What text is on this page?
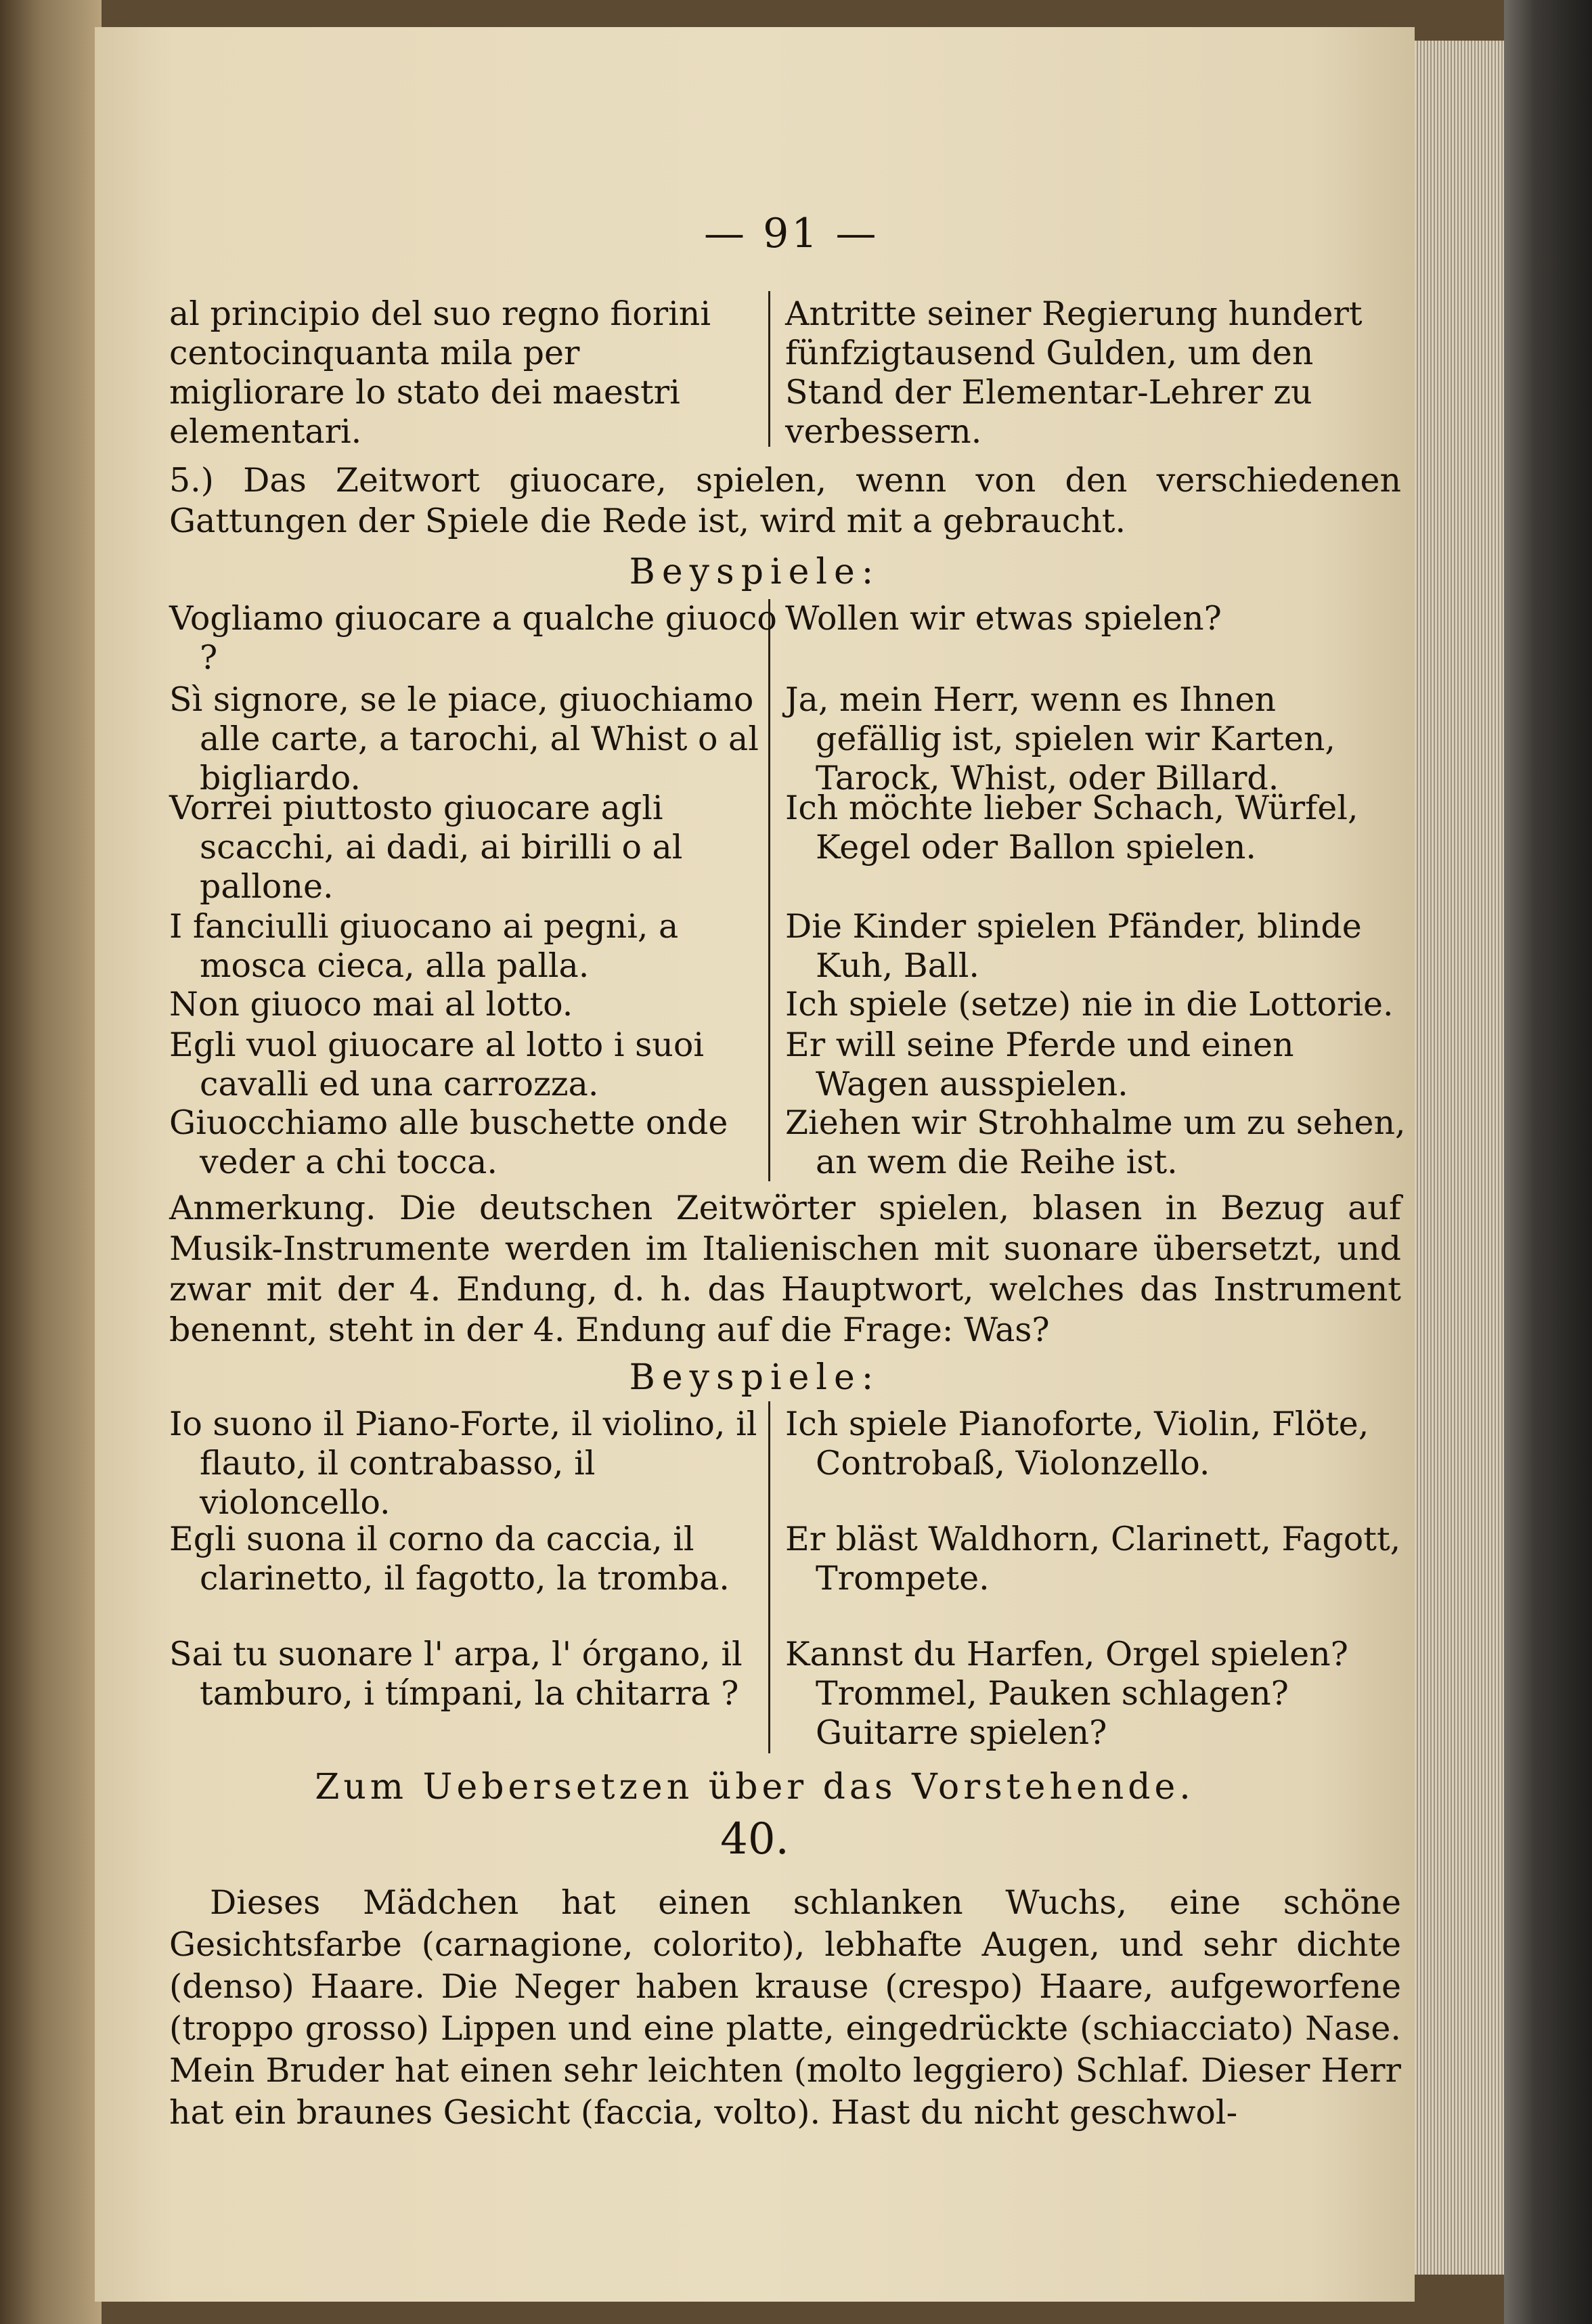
— 91 —
al principio del suo regno fiorini centocinquanta mila per migliorare lo stato dei maestri elementari.
Antritte seiner Regierung hundert fünfzigtausend Gulden, um den Stand der Elementar-Lehrer zu verbessern.
5.) Das Zeitwort giuocare, spielen, wenn von den verschiedenen Gattungen der Spiele die Rede ist, wird mit a gebraucht.
Beyspiele:
Vogliamo giuocare a qualche giuoco ?
Wollen wir etwas spielen?
Sì signore, se le piace, giuochiamo alle carte, a tarochi, al Whist o al bigliardo.
Ja, mein Herr, wenn es Ihnen gefällig ist, spielen wir Karten, Tarock, Whist, oder Billard.
Vorrei piuttosto giuocare agli scacchi, ai dadi, ai birilli o al pallone.
Ich möchte lieber Schach, Würfel, Kegel oder Ballon spielen.
I fanciulli giuocano ai pegni, a mosca cieca, alla palla.
Die Kinder spielen Pfänder, blinde Kuh, Ball.
Non giuoco mai al lotto.	Ich spiele (setze) nie in die Lottorie.
Egli vuol giuocare al lotto i suoi cavalli ed una carrozza.
Er will seine Pferde und einen Wagen ausspielen.
Giuocchiamo alle buschette onde veder a chi tocca.
Ziehen wir Strohhalme um zu sehen, an wem die Reihe ist.
Anmerkung. Die deutschen Zeitwörter spielen, blasen in Bezug auf Musik-Instrumente werden im Italienischen mit suonare übersetzt, und zwar mit der 4. Endung, d. h. das Hauptwort, welches das Instrument benennt, steht in der 4. Endung auf die Frage: Was?
Beyspiele:
Io suono il Piano-Forte, il violino, il flauto, il contrabasso, il violoncello.
Ich spiele Pianoforte, Violin, Flöte, Controbaß, Violonzello.
Egli suona il corno da caccia, il clarinetto, il fagotto, la tromba.
Er bläst Waldhorn, Clarinett, Fagott, Trompete.
Sai tu suonare l' arpa, l' órgano, il tamburo, i tímpani, la chitarra ?
Kannst du Harfen, Orgel spielen? Trommel, Pauken schlagen? Guitarre spielen?
Zum Uebersetzen über das Vorstehende.
40.
Dieses Mädchen hat einen schlanken Wuchs, eine schöne Gesichtsfarbe (carnagione, colorito), lebhafte Augen, und sehr dichte (denso) Haare. Die Neger haben krause (crespo) Haare, aufgeworfene (troppo grosso) Lippen und eine platte, eingedrückte (schiacciato) Nase. Mein Bruder hat einen sehr leichten (molto leggiero) Schlaf. Dieser Herr hat ein braunes Gesicht (faccia, volto). Hast du nicht geschwol-
